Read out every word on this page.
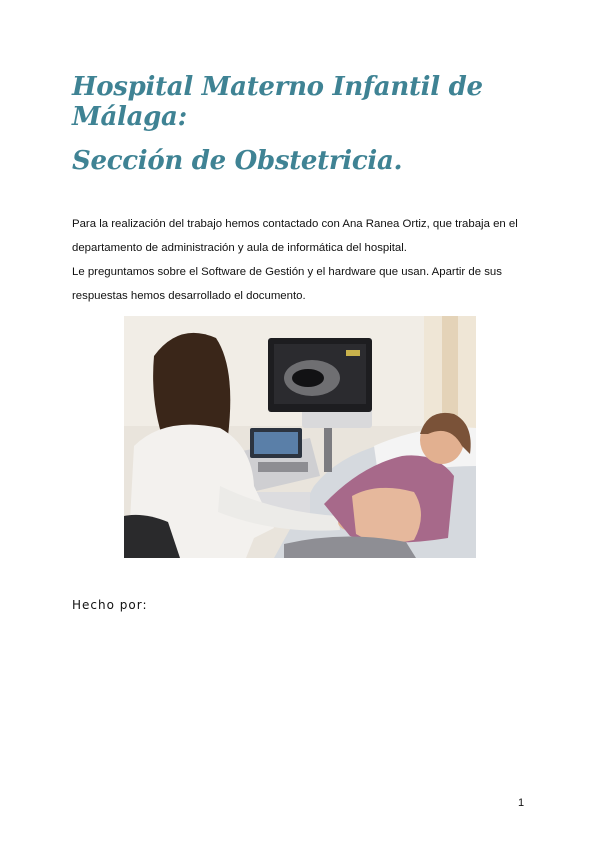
Hospital Materno Infantil de Málaga:
Sección de Obstetricia.

Para la realización del trabajo hemos contactado con Ana Ranea Ortiz, que trabaja en el departamento de administración y aula de informática del hospital.

Le preguntamos sobre el Software de Gestión y el hardware que usan. Apartir de sus respuestas hemos desarrollado el documento.

Hecho por:

1
